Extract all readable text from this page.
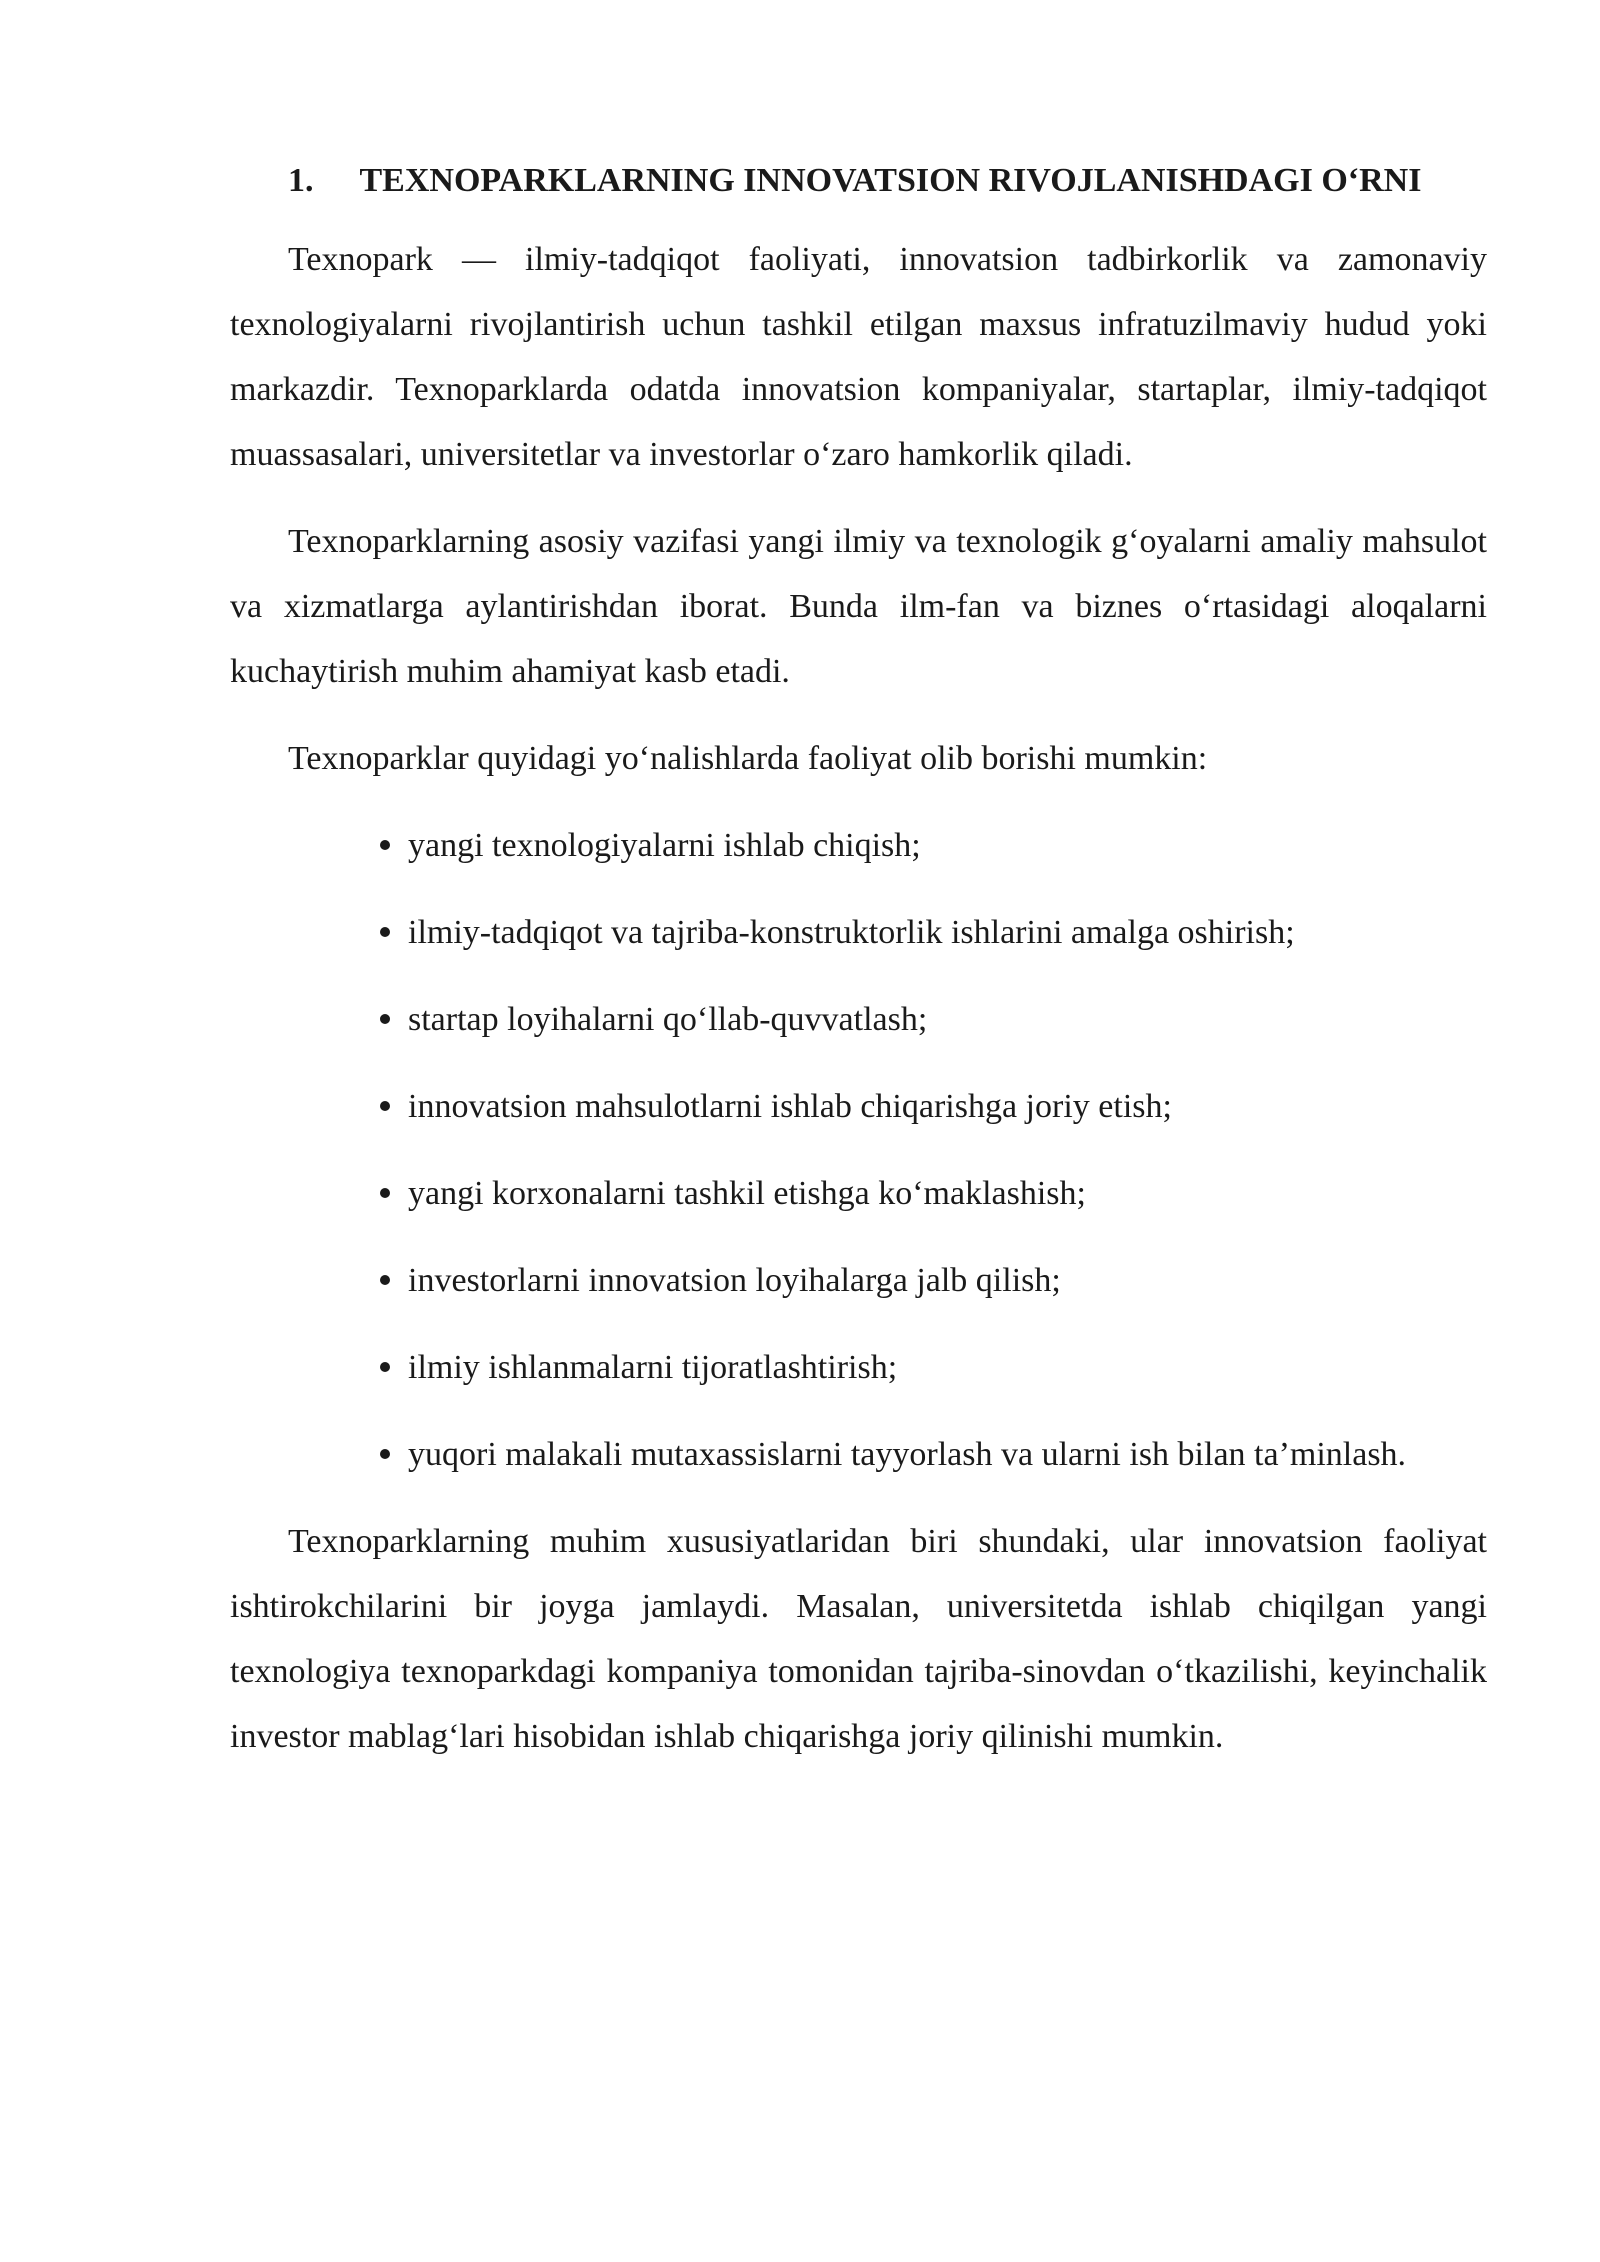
1. TEXNOPARKLARNING INNOVATSION RIVOJLANISHDAGI O‘RNI

Texnopark — ilmiy-tadqiqot faoliyati, innovatsion tadbirkorlik va zamonaviy texnologiyalarni rivojlantirish uchun tashkil etilgan maxsus infratuzilmaviy hudud yoki markazdir. Texnoparklarda odatda innovatsion kompaniyalar, startaplar, ilmiy-tadqiqot muassasalari, universitetlar va investorlar o‘zaro hamkorlik qiladi.

Texnoparklarning asosiy vazifasi yangi ilmiy va texnologik g‘oyalarni amaliy mahsulot va xizmatlarga aylantirishdan iborat. Bunda ilm-fan va biznes o‘rtasidagi aloqalarni kuchaytirish muhim ahamiyat kasb etadi.

Texnoparklar quyidagi yo‘nalishlarda faoliyat olib borishi mumkin:

yangi texnologiyalarni ishlab chiqish;
ilmiy-tadqiqot va tajriba-konstruktorlik ishlarini amalga oshirish;
startap loyihalarni qo‘llab-quvvatlash;
innovatsion mahsulotlarni ishlab chiqarishga joriy etish;
yangi korxonalarni tashkil etishga ko‘maklashish;
investorlarni innovatsion loyihalarga jalb qilish;
ilmiy ishlanmalarni tijoratlashtirish;
yuqori malakali mutaxassislarni tayyorlash va ularni ish bilan ta’minlash.

Texnoparklarning muhim xususiyatlaridan biri shundaki, ular innovatsion faoliyat ishtirokchilarini bir joyga jamlaydi. Masalan, universitetda ishlab chiqilgan yangi texnologiya texnoparkdagi kompaniya tomonidan tajriba-sinovdan o‘tkazilishi, keyinchalik investor mablag‘lari hisobidan ishlab chiqarishga joriy qilinishi mumkin.
